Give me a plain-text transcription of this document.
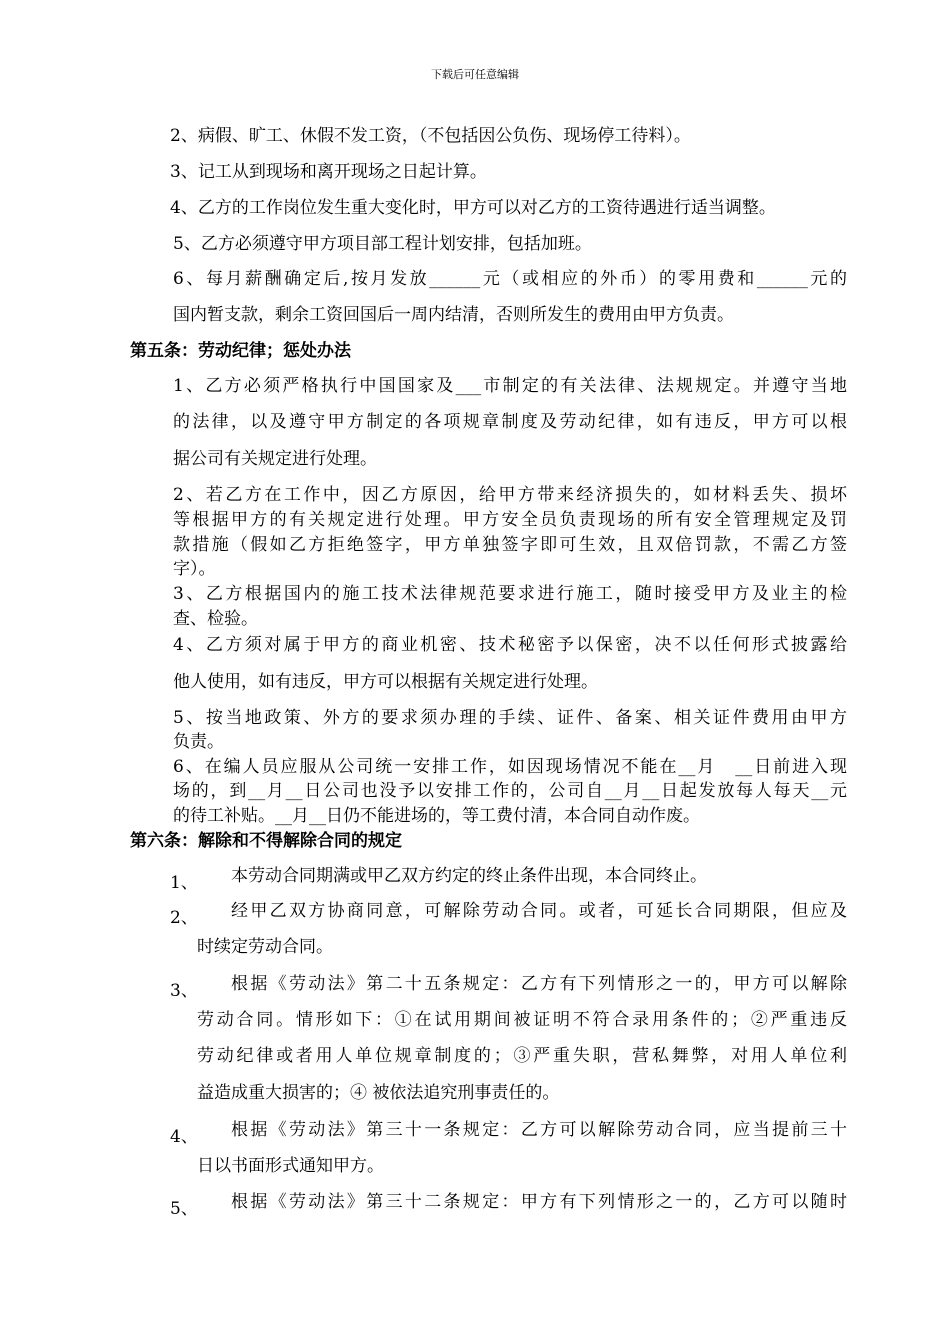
下载后可任意编辑
2、病假、旷工、休假不发工资，（不包括因公负伤、现场停工待料）。
3、记工从到现场和离开现场之日起计算。
4、乙方的工作岗位发生重大变化时，甲方可以对乙方的工资待遇进行适当调整。
5、乙方必须遵守甲方项目部工程计划安排，包括加班。
6、每月薪酬确定后,按月发放______元（或相应的外币）的零用费和______元的
国内暂支款，剩余工资回国后一周内结清，否则所发生的费用由甲方负责。
第五条：劳动纪律；惩处办法
1、乙方必须严格执行中国国家及___市制定的有关法律、法规规定。并遵守当地
的法律，以及遵守甲方制定的各项规章制度及劳动纪律，如有违反，甲方可以根
据公司有关规定进行处理。
2、若乙方在工作中，因乙方原因，给甲方带来经济损失的，如材料丢失、损坏
等根据甲方的有关规定进行处理。甲方安全员负责现场的所有安全管理规定及罚
款措施（假如乙方拒绝签字，甲方单独签字即可生效，且双倍罚款，不需乙方签
字）。
3、乙方根据国内的施工技术法律规范要求进行施工，随时接受甲方及业主的检
查、检验。
4、乙方须对属于甲方的商业机密、技术秘密予以保密，决不以任何形式披露给
他人使用，如有违反，甲方可以根据有关规定进行处理。
5、按当地政策、外方的要求须办理的手续、证件、备案、相关证件费用由甲方
负责。
6、在编人员应服从公司统一安排工作，如因现场情况不能在__月　__日前进入现
场的，到__月__日公司也没予以安排工作的，公司自__月__日起发放每人每天__元
的待工补贴。__月__日仍不能进场的，等工费付清，本合同自动作废。
第六条：解除和不得解除合同的规定
1、 本劳动合同期满或甲乙双方约定的终止条件出现，本合同终止。
2、 经甲乙双方协商同意，可解除劳动合同。或者，可延长合同期限，但应及
时续定劳动合同。
3、 根据《劳动法》第二十五条规定：乙方有下列情形之一的，甲方可以解除
劳动合同。情形如下：①在试用期间被证明不符合录用条件的；②严重违反
劳动纪律或者用人单位规章制度的；③严重失职，营私舞弊，对用人单位利
益造成重大损害的；④ 被依法追究刑事责任的。
4、 根据《劳动法》第三十一条规定：乙方可以解除劳动合同，应当提前三十
日以书面形式通知甲方。
5、 根据《劳动法》第三十二条规定：甲方有下列情形之一的，乙方可以随时
